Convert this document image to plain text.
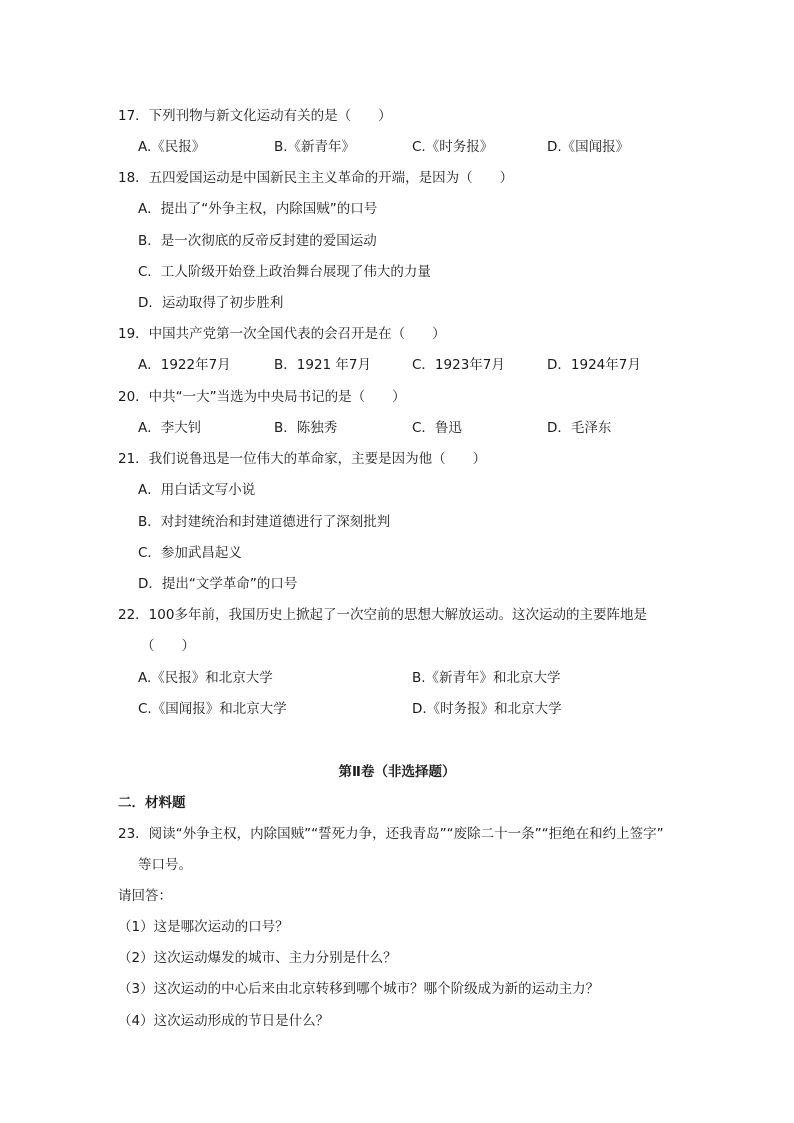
17．下列刊物与新文化运动有关的是（　　）
A.《民报》	B.《新青年》	C.《时务报》	D.《国闻报》
18．五四爱国运动是中国新民主主义革命的开端，是因为（　　）
A．提出了“外争主权，内除国贼”的口号
B．是一次彻底的反帝反封建的爱国运动
C．工人阶级开始登上政治舞台展现了伟大的力量
D．运动取得了初步胜利
19．中国共产党第一次全国代表的会召开是在（　　）
A．1922年7月	B．1921 年7月	C．1923年7月	D．1924年7月
20．中共“一大”当选为中央局书记的是（　　）
A．李大钊	B．陈独秀	C．鲁迅	D．毛泽东
21．我们说鲁迅是一位伟大的革命家，主要是因为他（　　）
A．用白话文写小说
B．对封建统治和封建道德进行了深刻批判
C．参加武昌起义
D．提出“文学革命”的口号
22．100多年前，我国历史上掀起了一次空前的思想大解放运动。这次运动的主要阵地是
（　　）
A.《民报》和北京大学	B.《新青年》和北京大学
C.《国闻报》和北京大学	D.《时务报》和北京大学
第Ⅱ卷（非选择题）
二．材料题
23．阅读“外争主权，内除国贼”“誓死力争，还我青岛”“废除二十一条”“拒绝在和约上签字”
等口号。
请回答：
（1）这是哪次运动的口号？
（2）这次运动爆发的城市、主力分别是什么？
（3）这次运动的中心后来由北京转移到哪个城市？哪个阶级成为新的运动主力？
（4）这次运动形成的节日是什么？
